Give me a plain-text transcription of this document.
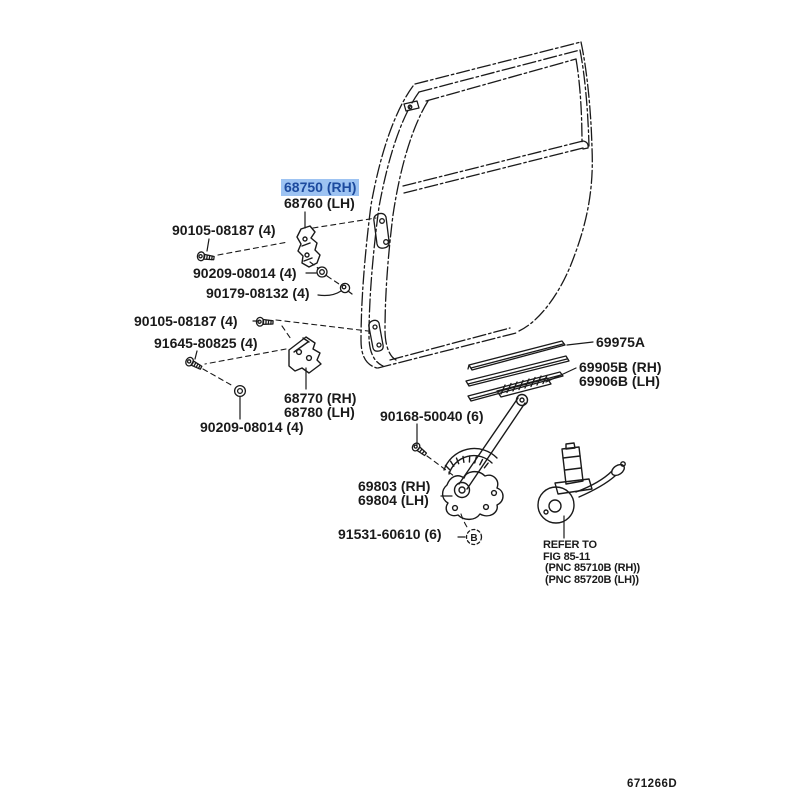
B
68750 (RH)
68760 (LH)
90105-08187 (4)
90209-08014 (4)
90179-08132 (4)
90105-08187 (4)
91645-80825 (4)
68770 (RH)
68780 (LH)
90209-08014 (4)
69975A
69905B (RH)
69906B (LH)
90168-50040 (6)
69803 (RH)
69804 (LH)
91531-60610 (6)
REFER TO
FIG 85-11
(PNC 85710B (RH))
(PNC 85720B (LH))
671266D
